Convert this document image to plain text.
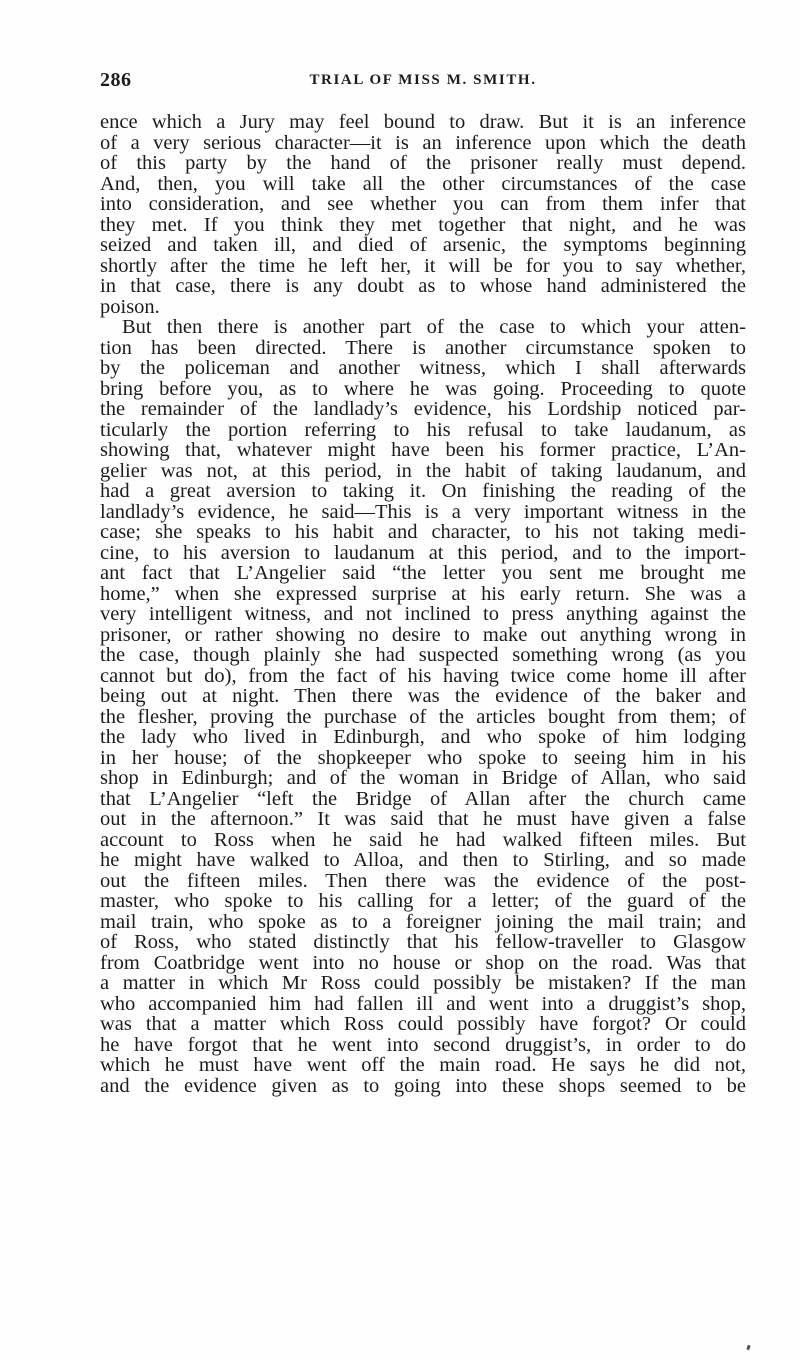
286	TRIAL OF MISS M. SMITH.
ence which a Jury may feel bound to draw. But it is an inference
of a very serious character—it is an inference upon which the death
of this party by the hand of the prisoner really must depend.
And, then, you will take all the other circumstances of the case
into consideration, and see whether you can from them infer that
they met. If you think they met together that night, and he was
seized and taken ill, and died of arsenic, the symptoms beginning
shortly after the time he left her, it will be for you to say whether,
in that case, there is any doubt as to whose hand administered the
poison.
But then there is another part of the case to which your atten-
tion has been directed. There is another circumstance spoken to
by the policeman and another witness, which I shall afterwards
bring before you, as to where he was going. Proceeding to quote
the remainder of the landlady’s evidence, his Lordship noticed par-
ticularly the portion referring to his refusal to take laudanum, as
showing that, whatever might have been his former practice, L’An-
gelier was not, at this period, in the habit of taking laudanum, and
had a great aversion to taking it. On finishing the reading of the
landlady’s evidence, he said—This is a very important witness in the
case; she speaks to his habit and character, to his not taking medi-
cine, to his aversion to laudanum at this period, and to the import-
ant fact that L’Angelier said “the letter you sent me brought me
home,” when she expressed surprise at his early return. She was a
very intelligent witness, and not inclined to press anything against the
prisoner, or rather showing no desire to make out anything wrong in
the case, though plainly she had suspected something wrong (as you
cannot but do), from the fact of his having twice come home ill after
being out at night. Then there was the evidence of the baker and
the flesher, proving the purchase of the articles bought from them; of
the lady who lived in Edinburgh, and who spoke of him lodging
in her house; of the shopkeeper who spoke to seeing him in his
shop in Edinburgh; and of the woman in Bridge of Allan, who said
that L’Angelier “left the Bridge of Allan after the church came
out in the afternoon.” It was said that he must have given a false
account to Ross when he said he had walked fifteen miles. But
he might have walked to Alloa, and then to Stirling, and so made
out the fifteen miles. Then there was the evidence of the post-
master, who spoke to his calling for a letter; of the guard of the
mail train, who spoke as to a foreigner joining the mail train; and
of Ross, who stated distinctly that his fellow-traveller to Glasgow
from Coatbridge went into no house or shop on the road. Was that
a matter in which Mr Ross could possibly be mistaken? If the man
who accompanied him had fallen ill and went into a druggist’s shop,
was that a matter which Ross could possibly have forgot? Or could
he have forgot that he went into second druggist’s, in order to do
which he must have went off the main road. He says he did not,
and the evidence given as to going into these shops seemed to be
